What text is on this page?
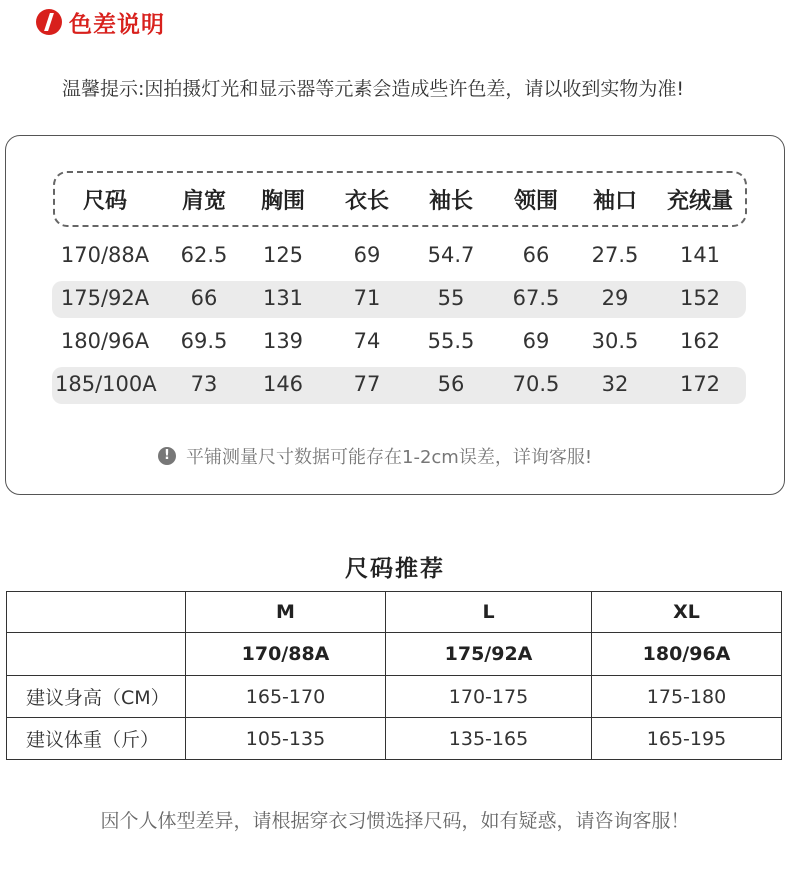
色差说明
温馨提示:因拍摄灯光和显示器等元素会造成些许色差，请以收到实物为准!
尺码	肩宽	胸围	衣长	袖长	领围	袖口	充绒量
170/88A	62.5	125	69	54.7	66	27.5	141
175/92A	66	131	71	55	67.5	29	152
180/96A	69.5	139	74	55.5	69	30.5	162
185/100A	73	146	77	56	70.5	32	172
! 平铺测量尺寸数据可能存在1-2cm误差，详询客服!
尺码推荐
	M	L	XL
	170/88A	175/92A	180/96A
建议身高（CM）	165-170	170-175	175-180
建议体重（斤）	105-135	135-165	165-195
因个人体型差异，请根据穿衣习惯选择尺码，如有疑惑，请咨询客服！
